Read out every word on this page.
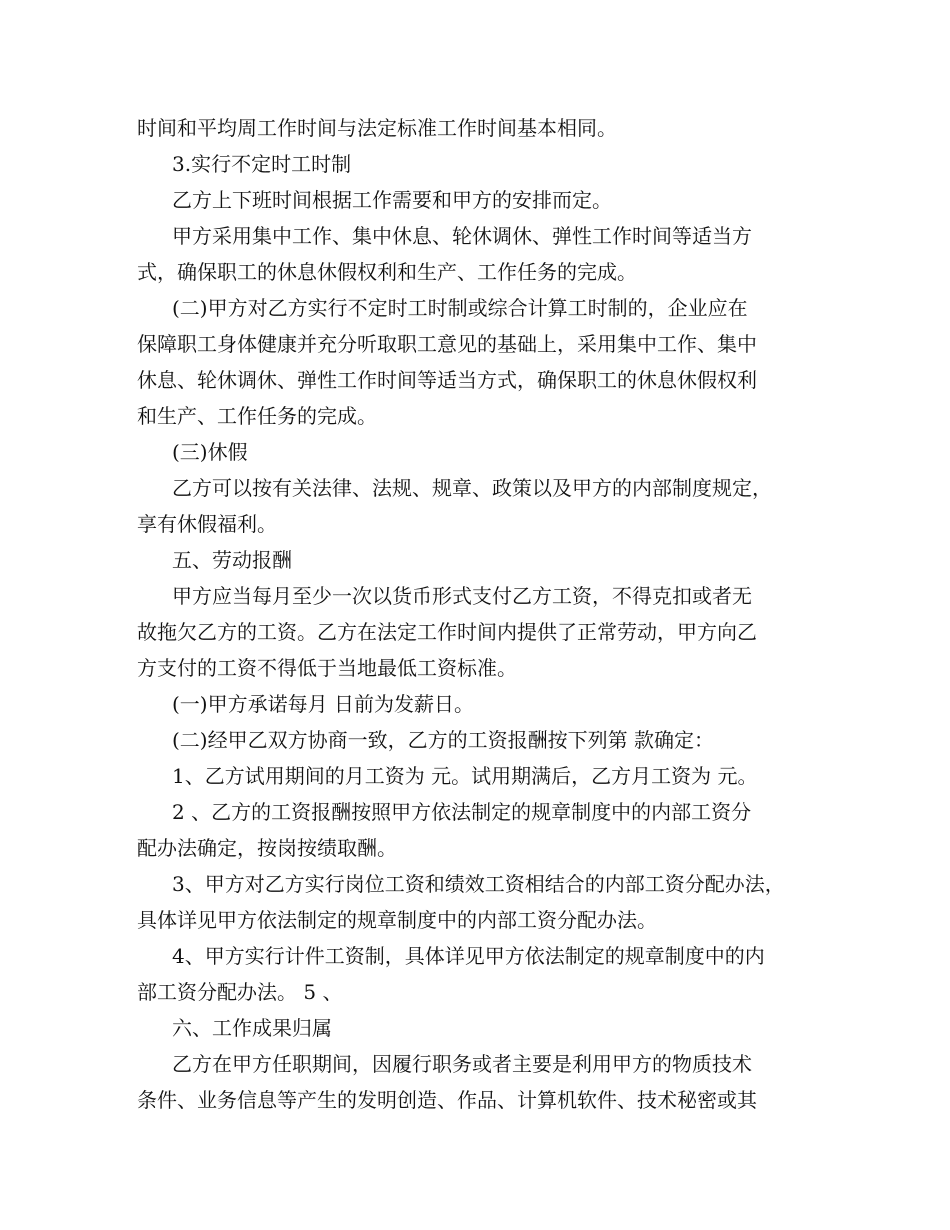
时间和平均周工作时间与法定标准工作时间基本相同。
3.实行不定时工时制
乙方上下班时间根据工作需要和甲方的安排而定。
甲方采用集中工作、集中休息、轮休调休、弹性工作时间等适当方
式，确保职工的休息休假权利和生产、工作任务的完成。
(二)甲方对乙方实行不定时工时制或综合计算工时制的，企业应在
保障职工身体健康并充分听取职工意见的基础上，采用集中工作、集中
休息、轮休调休、弹性工作时间等适当方式，确保职工的休息休假权利
和生产、工作任务的完成。
(三)休假
乙方可以按有关法律、法规、规章、政策以及甲方的内部制度规定，
享有休假福利。
五、劳动报酬
甲方应当每月至少一次以货币形式支付乙方工资，不得克扣或者无
故拖欠乙方的工资。乙方在法定工作时间内提供了正常劳动，甲方向乙
方支付的工资不得低于当地最低工资标准。
(一)甲方承诺每月 日前为发薪日。
(二)经甲乙双方协商一致，乙方的工资报酬按下列第 款确定：
1、乙方试用期间的月工资为 元。试用期满后，乙方月工资为 元。
2 、乙方的工资报酬按照甲方依法制定的规章制度中的内部工资分
配办法确定，按岗按绩取酬。
3、甲方对乙方实行岗位工资和绩效工资相结合的内部工资分配办法，
具体详见甲方依法制定的规章制度中的内部工资分配办法。
4、甲方实行计件工资制，具体详见甲方依法制定的规章制度中的内
部工资分配办法。 5 、
六、工作成果归属
乙方在甲方任职期间，因履行职务或者主要是利用甲方的物质技术
条件、业务信息等产生的发明创造、作品、计算机软件、技术秘密或其
